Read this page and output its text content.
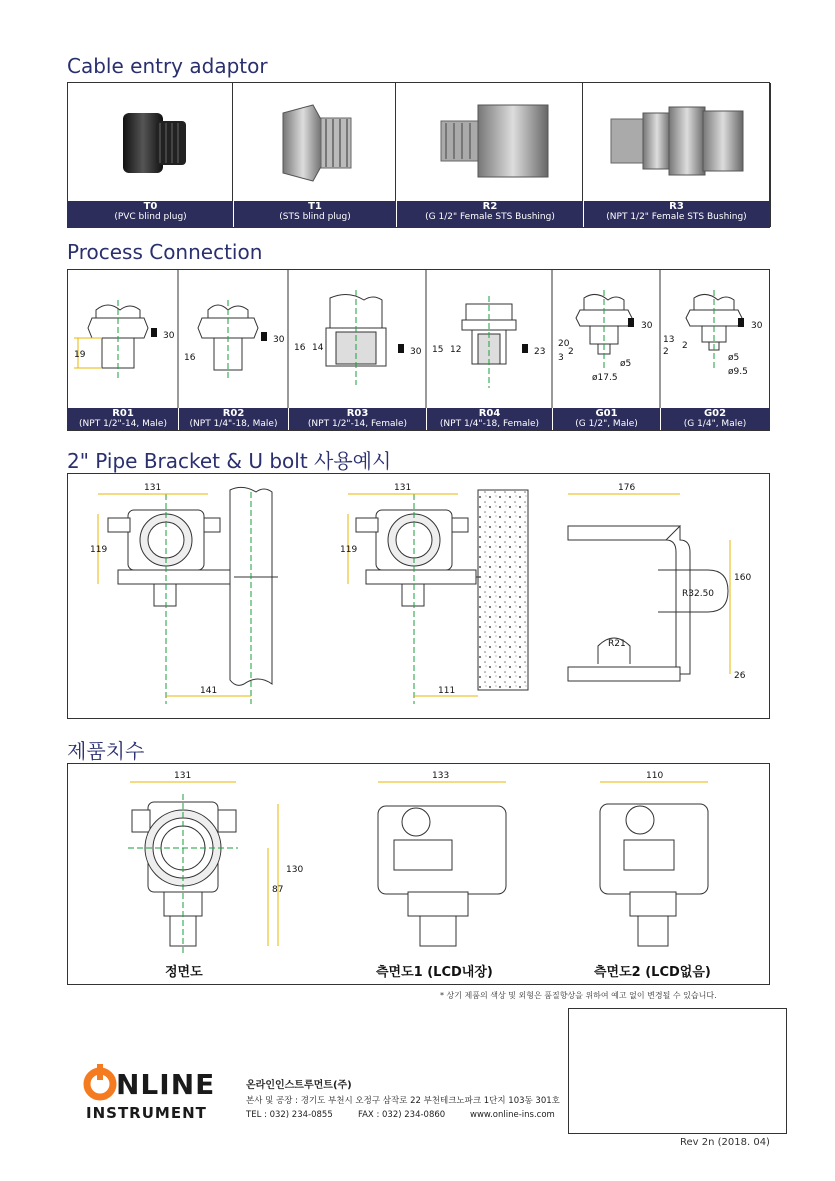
Cable entry adaptor
T0
(PVC blind plug)
T1
(STS blind plug)
R2
(G 1/2" Female STS Bushing)
R3
(NPT 1/2" Female STS Bushing)
Process Connection
19
30
16
30
16 14	30 15 12	23
30
20
3
2
ø5
ø17.5
30
13
2
2
ø5
ø9.5
R01
(NPT 1/2"-14, Male)
R02
(NPT 1/4"-18, Male)
R03
(NPT 1/2"-14, Female)
R04
(NPT 1/4"-18, Female)
G01
(G 1/2", Male)
G02
(G 1/4", Male)
2" Pipe Bracket & U bolt 사용예시
131
119
141
131
119
111
176
160
R32.50
R21
26
제품치수
131
130
87
133	110
정면도	측면도1 (LCD내장)	측면도2 (LCD없음)
* 상기 제품의 색상 및 외형은 품질향상을 위하여 예고 없이 변경될 수 있습니다.
NLINE
INSTRUMENT
온라인인스트루먼트(주)
본사 및 공장 : 경기도 부천시 오정구 삼작로 22 부천테크노파크 1단지 103동 301호
TEL : 032) 234-0855	FAX : 032) 234-0860	www.online-ins.com
Rev 2n (2018. 04)
